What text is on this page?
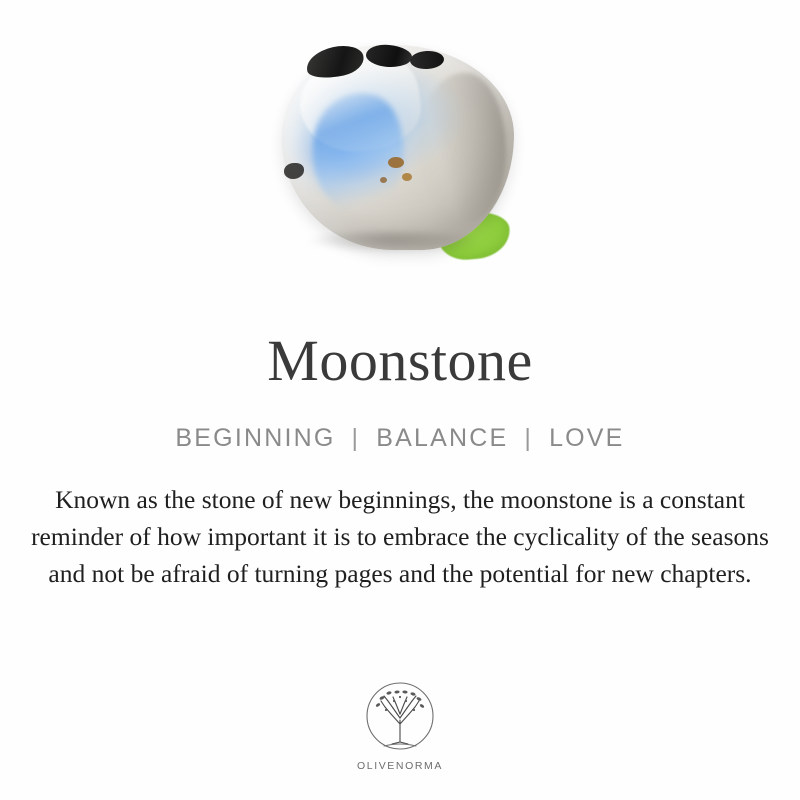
Moonstone
BEGINNING | BALANCE | LOVE

Known as the stone of new beginnings, the moonstone is a constant reminder of how important it is to embrace the cyclicality of the seasons and not be afraid of turning pages and the potential for new chapters.

OLIVENORMA
